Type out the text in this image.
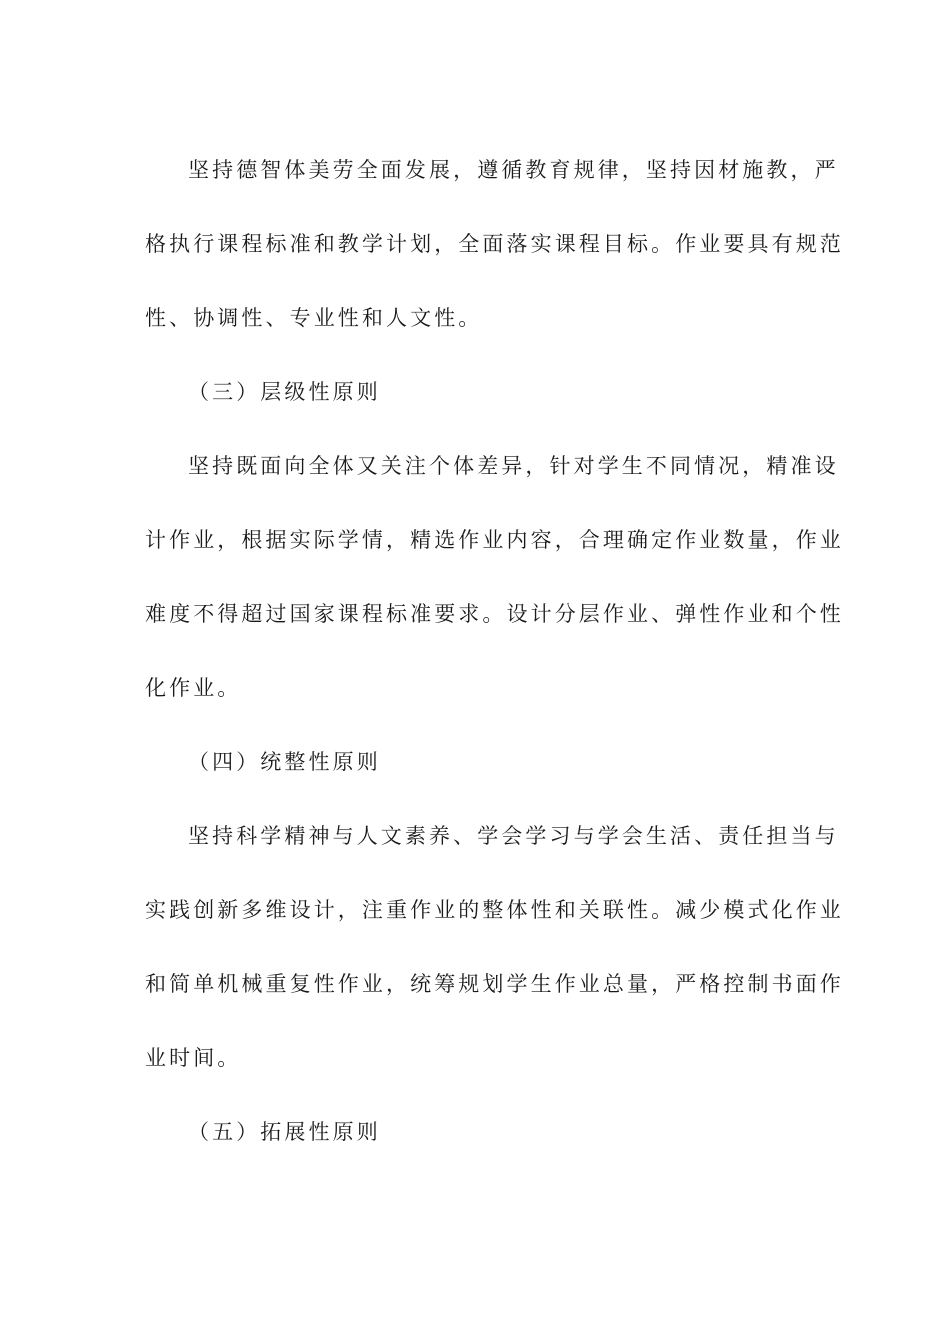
坚持德智体美劳全面发展，遵循教育规律，坚持因材施教，严
格执行课程标准和教学计划，全面落实课程目标。作业要具有规范
性、协调性、专业性和人文性。
（三）层级性原则
坚持既面向全体又关注个体差异，针对学生不同情况，精准设
计作业，根据实际学情，精选作业内容，合理确定作业数量，作业
难度不得超过国家课程标准要求。设计分层作业、弹性作业和个性
化作业。
（四）统整性原则
坚持科学精神与人文素养、学会学习与学会生活、责任担当与
实践创新多维设计，注重作业的整体性和关联性。减少模式化作业
和简单机械重复性作业，统筹规划学生作业总量，严格控制书面作
业时间。
（五）拓展性原则
